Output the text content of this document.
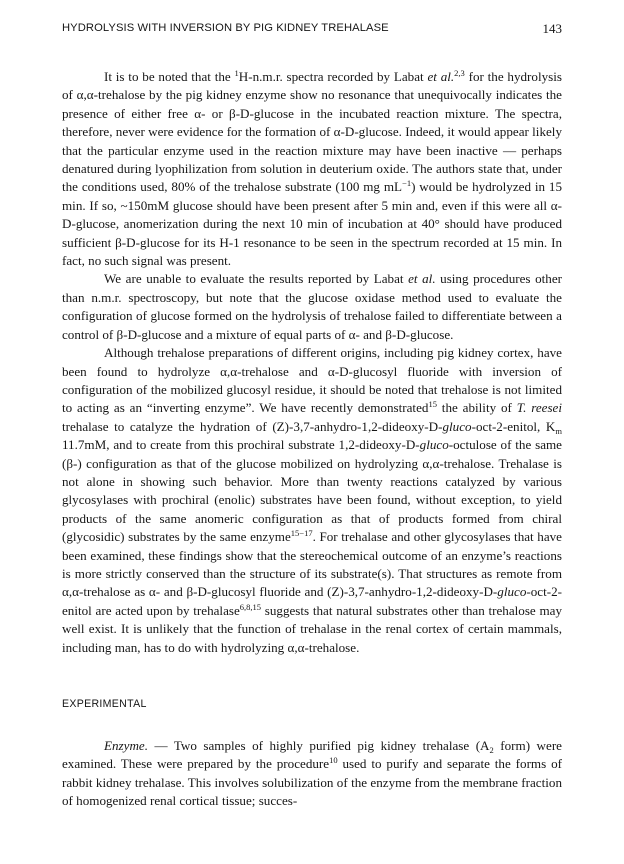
HYDROLYSIS WITH INVERSION BY PIG KIDNEY TREHALASE	143

It is to be noted that the $^1$H-n.m.r. spectra recorded by Labat et al.$^{2,3}$ for the hydrolysis of α,α-trehalose by the pig kidney enzyme show no resonance that unequivocally indicates the presence of either free α- or β-D-glucose in the incubated reaction mixture. The spectra, therefore, never were evidence for the formation of α-D-glucose. Indeed, it would appear likely that the particular enzyme used in the reaction mixture may have been inactive — perhaps denatured during lyophilization from solution in deuterium oxide. The authors state that, under the conditions used, 80% of the trehalose substrate (100 mg $mL^{-1}$) would be hydrolyzed in 15 min. If so, ~150mM glucose should have been present after 5 min and, even if this were all α-D-glucose, anomerization during the next 10 min of incubation at 40° should have produced sufficient β-D-glucose for its H-1 resonance to be seen in the spectrum recorded at 15 min. In fact, no such signal was present.

We are unable to evaluate the results reported by Labat et al. using procedures other than n.m.r. spectroscopy, but note that the glucose oxidase method used to evaluate the configuration of glucose formed on the hydrolysis of trehalose failed to differentiate between a control of β-D-glucose and a mixture of equal parts of α- and β-D-glucose.

Although trehalose preparations of different origins, including pig kidney cortex, have been found to hydrolyze α,α-trehalose and α-D-glucosyl fluoride with inversion of configuration of the mobilized glucosyl residue, it should be noted that trehalose is not limited to acting as an “inverting enzyme”. We have recently demonstrated$^{15}$ the ability of T. reesei trehalase to catalyze the hydration of (Z)-3,7-anhydro-1,2-dideoxy-D-gluco-oct-2-enitol, $K_m$ 11.7mM, and to create from this prochiral substrate 1,2-dideoxy-D-gluco-octulose of the same (β-) configuration as that of the glucose mobilized on hydrolyzing α,α-trehalose. Trehalase is not alone in showing such behavior. More than twenty reactions catalyzed by various glycosylases with prochiral (enolic) substrates have been found, without exception, to yield products of the same anomeric configuration as that of products formed from chiral (glycosidic) substrates by the same enzyme$^{15-17}$. For trehalase and other glycosylases that have been examined, these findings show that the stereochemical outcome of an enzyme’s reactions is more strictly conserved than the structure of its substrate(s). That structures as remote from α,α-trehalose as α- and β-D-glucosyl fluoride and (Z)-3,7-anhydro-1,2-dideoxy-D-gluco-oct-2-enitol are acted upon by trehalase$^{6,8,15}$ suggests that natural substrates other than trehalose may well exist. It is unlikely that the function of trehalase in the renal cortex of certain mammals, including man, has to do with hydrolyzing α,α-trehalose.

EXPERIMENTAL

Enzyme. — Two samples of highly purified pig kidney trehalase ($A_2$ form) were examined. These were prepared by the procedure$^{10}$ used to purify and separate the forms of rabbit kidney trehalase. This involves solubilization of the enzyme from the membrane fraction of homogenized renal cortical tissue; succes-
